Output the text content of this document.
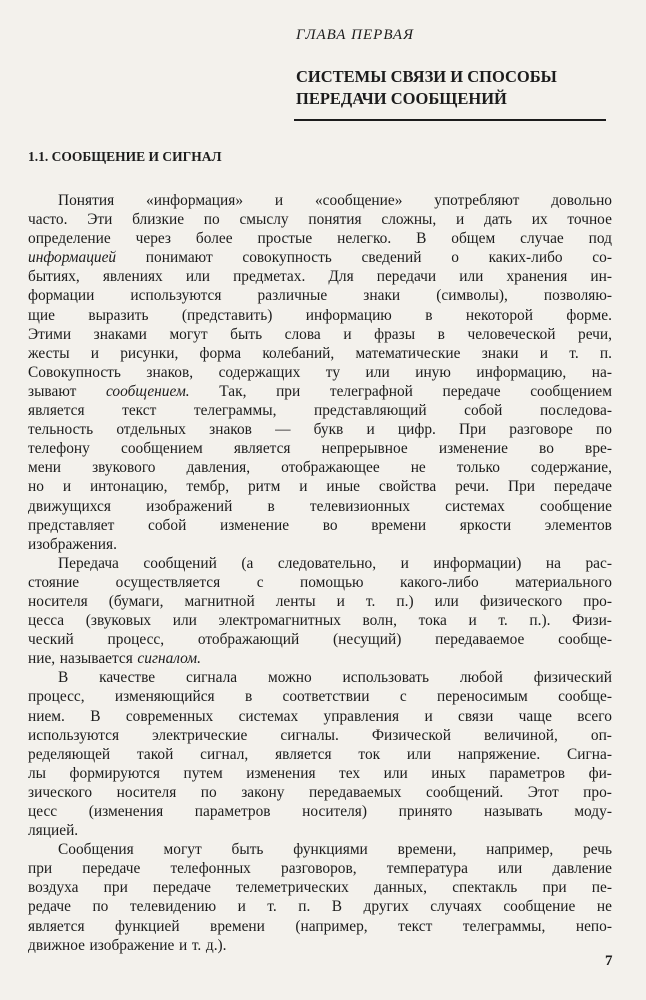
ГЛАВА ПЕРВАЯ
СИСТЕМЫ СВЯЗИ И СПОСОБЫ
ПЕРЕДАЧИ СООБЩЕНИЙ
1.1. СООБЩЕНИЕ И СИГНАЛ
Понятия «информация» и «сообщение» употребляют довольно
часто. Эти близкие по смыслу понятия сложны, и дать их точное
определение через более простые нелегко. В общем случае под
информацией понимают совокупность сведений о каких-либо со-
бытиях, явлениях или предметах. Для передачи или хранения ин-
формации используются различные знаки (символы), позволяю-
щие выразить (представить) информацию в некоторой форме.
Этими знаками могут быть слова и фразы в человеческой речи,
жесты и рисунки, форма колебаний, математические знаки и т. п.
Совокупность знаков, содержащих ту или иную информацию, на-
зывают сообщением. Так, при телеграфной передаче сообщением
является текст телеграммы, представляющий собой последова-
тельность отдельных знаков — букв и цифр. При разговоре по
телефону сообщением является непрерывное изменение во вре-
мени звукового давления, отображающее не только содержание,
но и интонацию, тембр, ритм и иные свойства речи. При передаче
движущихся изображений в телевизионных системах сообщение
представляет собой изменение во времени яркости элементов
изображения.
Передача сообщений (а следовательно, и информации) на рас-
стояние осуществляется с помощью какого-либо материального
носителя (бумаги, магнитной ленты и т. п.) или физического про-
цесса (звуковых или электромагнитных волн, тока и т. п.). Физи-
ческий процесс, отображающий (несущий) передаваемое сообще-
ние, называется сигналом.
В качестве сигнала можно использовать любой физический
процесс, изменяющийся в соответствии с переносимым сообще-
нием. В современных системах управления и связи чаще всего
используются электрические сигналы. Физической величиной, оп-
ределяющей такой сигнал, является ток или напряжение. Сигна-
лы формируются путем изменения тех или иных параметров фи-
зического носителя по закону передаваемых сообщений. Этот про-
цесс (изменения параметров носителя) принято называть моду-
ляцией.
Сообщения могут быть функциями времени, например, речь
при передаче телефонных разговоров, температура или давление
воздуха при передаче телеметрических данных, спектакль при пе-
редаче по телевидению и т. п. В других случаях сообщение не
является функцией времени (например, текст телеграммы, непо-
движное изображение и т. д.).
7
